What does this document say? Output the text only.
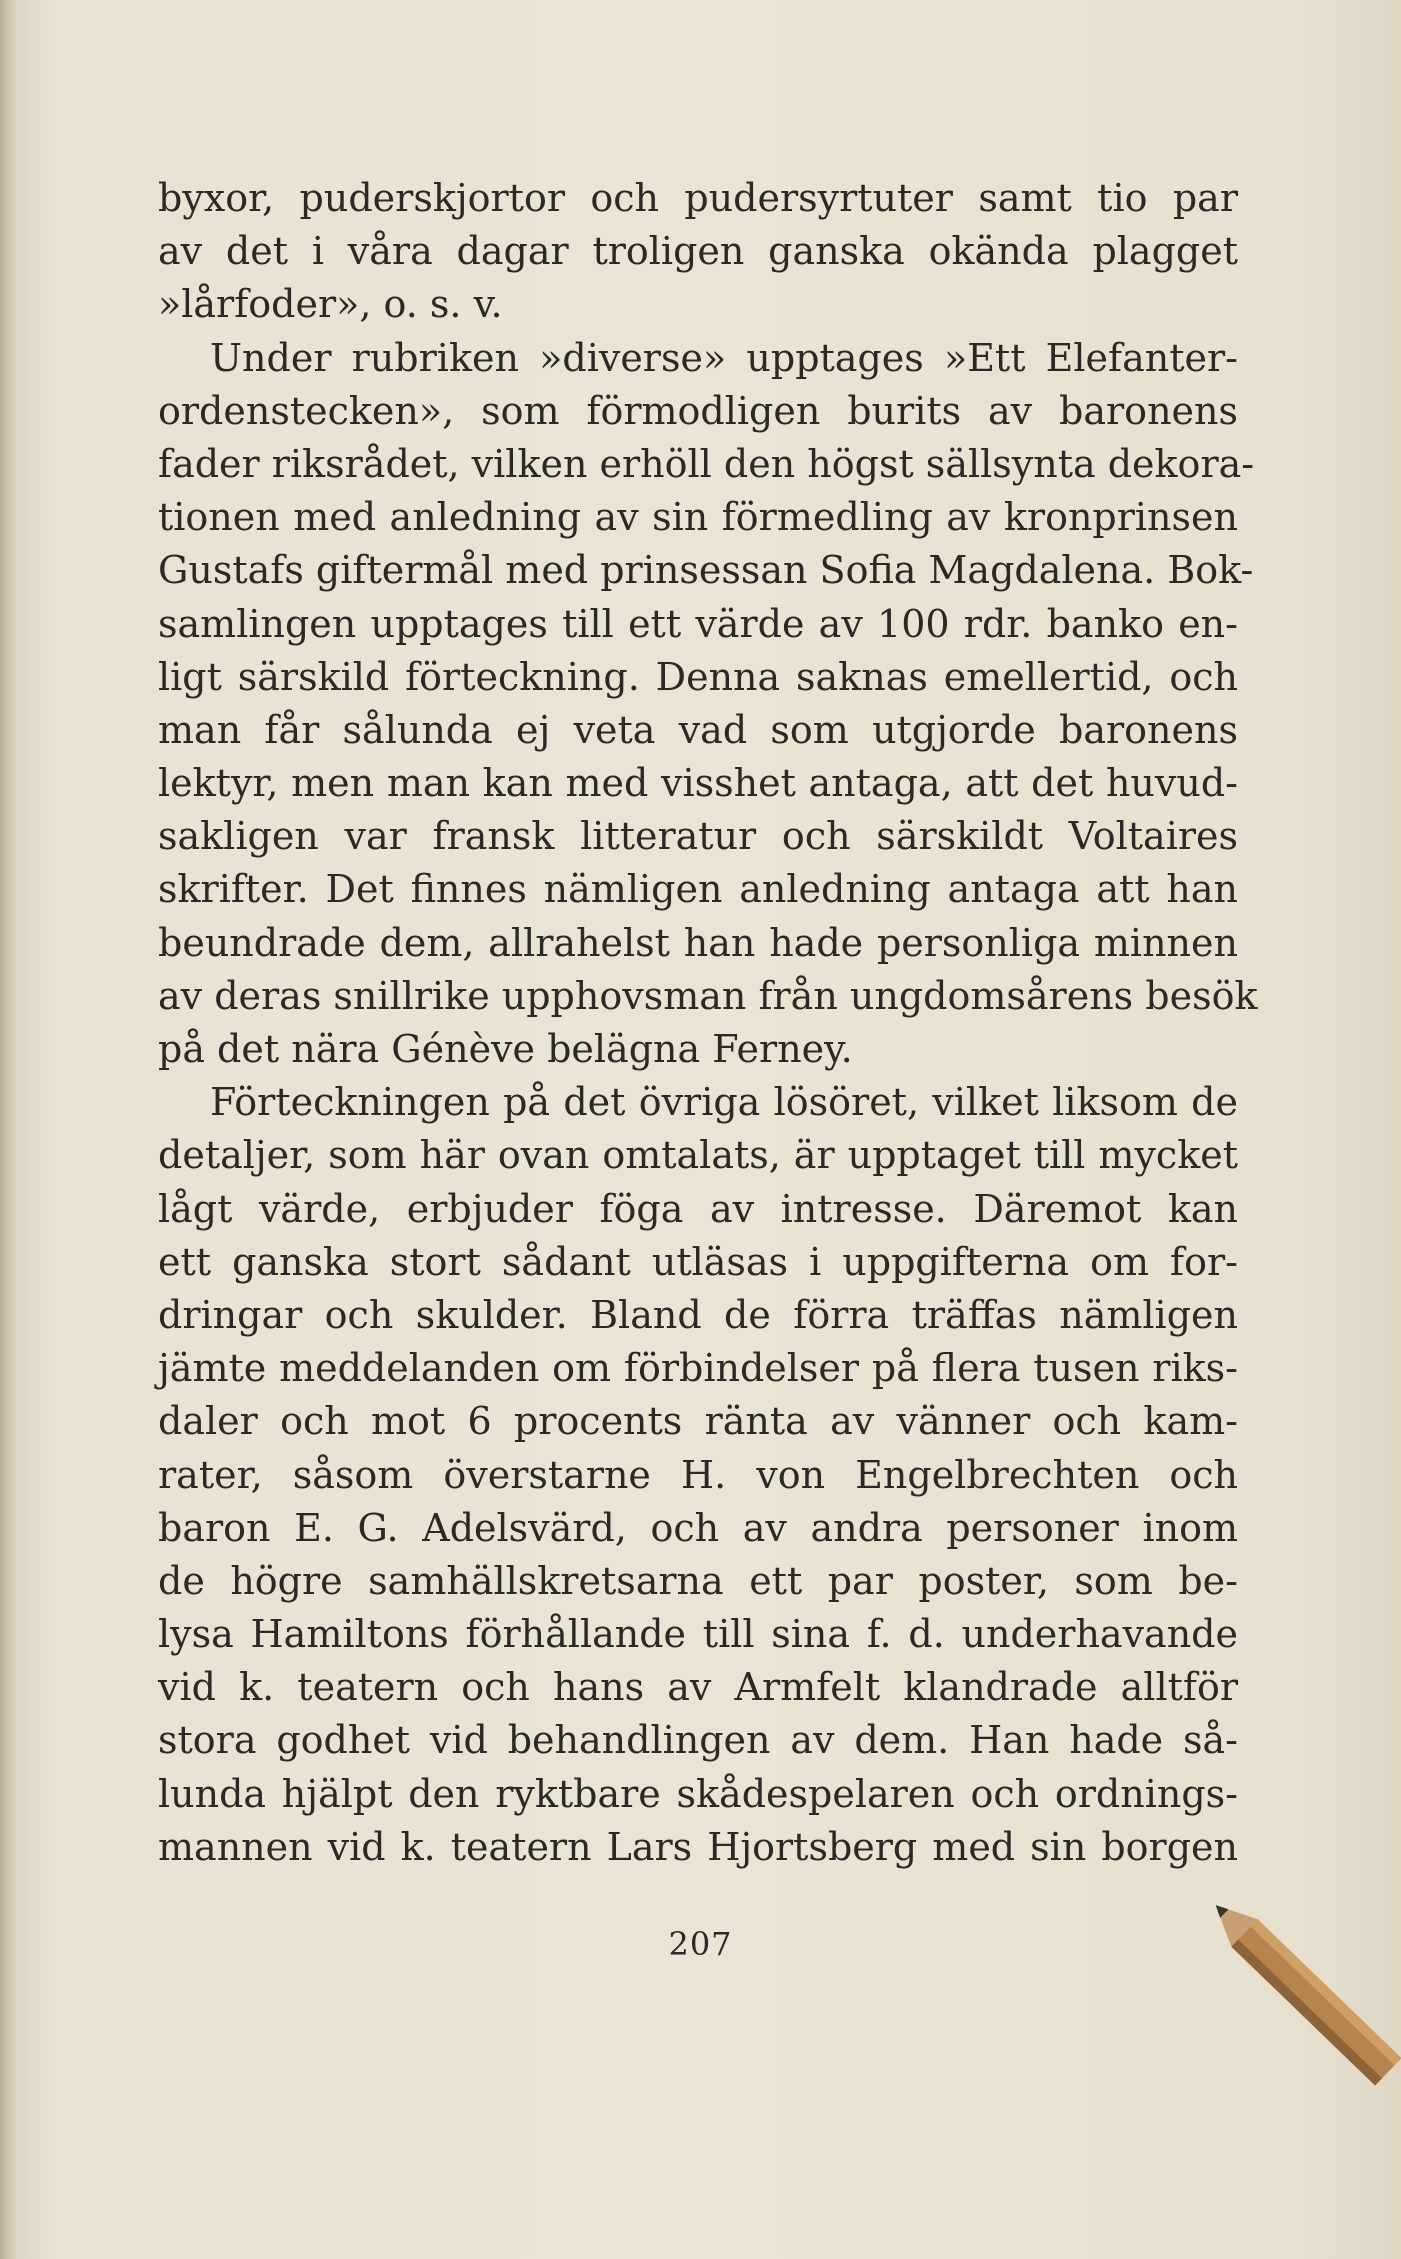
byxor, puderskjortor och pudersyrtuter samt tio par
av det i våra dagar troligen ganska okända plagget
»lårfoder», o. s. v.
Under rubriken »diverse» upptages »Ett Elefanter-
ordenstecken», som förmodligen burits av baronens
fader riksrådet, vilken erhöll den högst sällsynta dekora-
tionen med anledning av sin förmedling av kronprinsen
Gustafs giftermål med prinsessan Sofia Magdalena. Bok-
samlingen upptages till ett värde av 100 rdr. banko en-
ligt särskild förteckning. Denna saknas emellertid, och
man får sålunda ej veta vad som utgjorde baronens
lektyr, men man kan med visshet antaga, att det huvud-
sakligen var fransk litteratur och särskildt Voltaires
skrifter. Det finnes nämligen anledning antaga att han
beundrade dem, allrahelst han hade personliga minnen
av deras snillrike upphovsman från ungdomsårens besök
på det nära Génève belägna Ferney.
Förteckningen på det övriga lösöret, vilket liksom de
detaljer, som här ovan omtalats, är upptaget till mycket
lågt värde, erbjuder föga av intresse. Däremot kan
ett ganska stort sådant utläsas i uppgifterna om for-
dringar och skulder. Bland de förra träffas nämligen
jämte meddelanden om förbindelser på flera tusen riks-
daler och mot 6 procents ränta av vänner och kam-
rater, såsom överstarne H. von Engelbrechten och
baron E. G. Adelsvärd, och av andra personer inom
de högre samhällskretsarna ett par poster, som be-
lysa Hamiltons förhållande till sina f. d. underhavande
vid k. teatern och hans av Armfelt klandrade alltför
stora godhet vid behandlingen av dem. Han hade så-
lunda hjälpt den ryktbare skådespelaren och ordnings-
mannen vid k. teatern Lars Hjortsberg med sin borgen
207
